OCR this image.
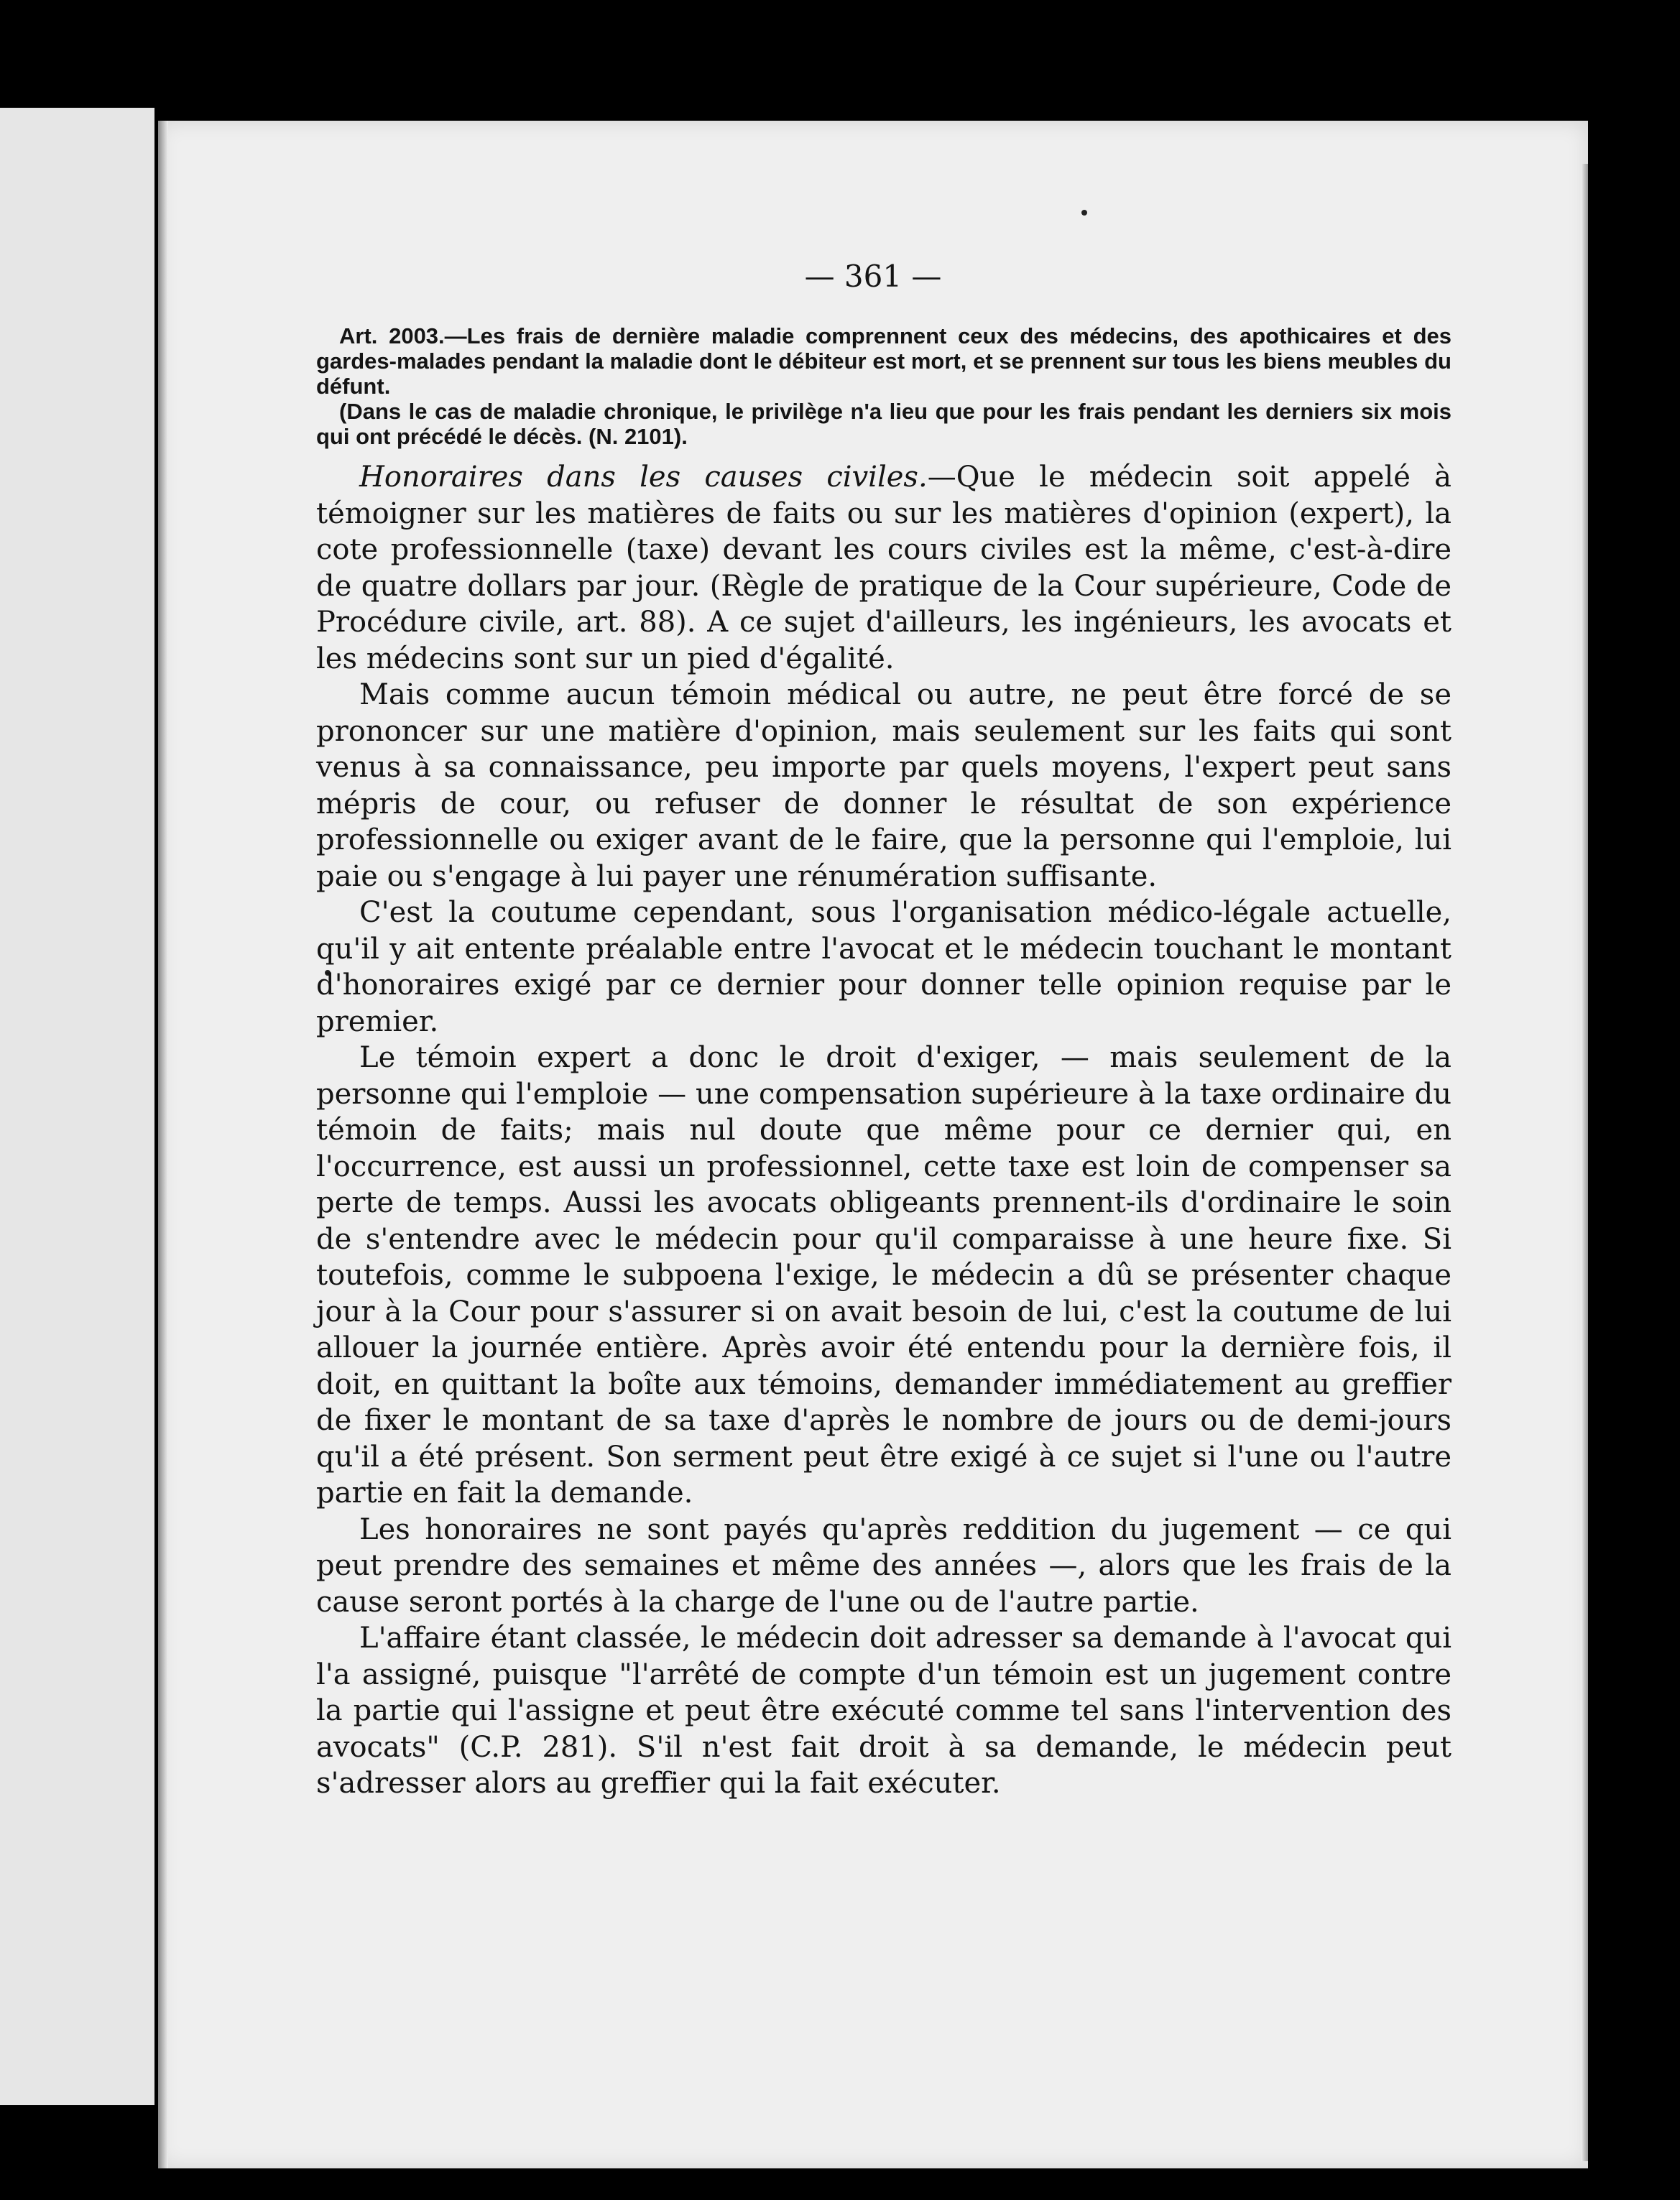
— 361 —

Art. 2003.—Les frais de dernière maladie comprennent ceux des médecins, des apothicaires et des gardes-malades pendant la maladie dont le débiteur est mort, et se prennent sur tous les biens meubles du défunt.

(Dans le cas de maladie chronique, le privilège n'a lieu que pour les frais pendant les derniers six mois qui ont précédé le décès. (N. 2101).

Honoraires dans les causes civiles.—Que le médecin soit appelé à témoigner sur les matières de faits ou sur les matières d'opinion (expert), la cote professionnelle (taxe) devant les cours civiles est la même, c'est-à-dire de quatre dollars par jour. (Règle de pratique de la Cour supérieure, Code de Procédure civile, art. 88). A ce sujet d'ailleurs, les ingénieurs, les avocats et les médecins sont sur un pied d'égalité.

Mais comme aucun témoin médical ou autre, ne peut être forcé de se prononcer sur une matière d'opinion, mais seulement sur les faits qui sont venus à sa connaissance, peu importe par quels moyens, l'expert peut sans mépris de cour, ou refuser de donner le résultat de son expérience professionnelle ou exiger avant de le faire, que la personne qui l'emploie, lui paie ou s'engage à lui payer une rénumération suffisante.

C'est la coutume cependant, sous l'organisation médico-légale actuelle, qu'il y ait entente préalable entre l'avocat et le médecin touchant le montant d'honoraires exigé par ce dernier pour donner telle opinion requise par le premier.

Le témoin expert a donc le droit d'exiger, — mais seulement de la personne qui l'emploie — une compensation supérieure à la taxe ordinaire du témoin de faits; mais nul doute que même pour ce dernier qui, en l'occurrence, est aussi un professionnel, cette taxe est loin de compenser sa perte de temps. Aussi les avocats obligeants prennent-ils d'ordinaire le soin de s'entendre avec le médecin pour qu'il comparaisse à une heure fixe. Si toutefois, comme le subpoena l'exige, le médecin a dû se présenter chaque jour à la Cour pour s'assurer si on avait besoin de lui, c'est la coutume de lui allouer la journée entière. Après avoir été entendu pour la dernière fois, il doit, en quittant la boîte aux témoins, demander immédiatement au greffier de fixer le montant de sa taxe d'après le nombre de jours ou de demi-jours qu'il a été présent. Son serment peut être exigé à ce sujet si l'une ou l'autre partie en fait la demande.

Les honoraires ne sont payés qu'après reddition du jugement — ce qui peut prendre des semaines et même des années —, alors que les frais de la cause seront portés à la charge de l'une ou de l'autre partie.

L'affaire étant classée, le médecin doit adresser sa demande à l'avocat qui l'a assigné, puisque "l'arrêté de compte d'un témoin est un jugement contre la partie qui l'assigne et peut être exécuté comme tel sans l'intervention des avocats" (C.P. 281). S'il n'est fait droit à sa demande, le médecin peut s'adresser alors au greffier qui la fait exécuter.
